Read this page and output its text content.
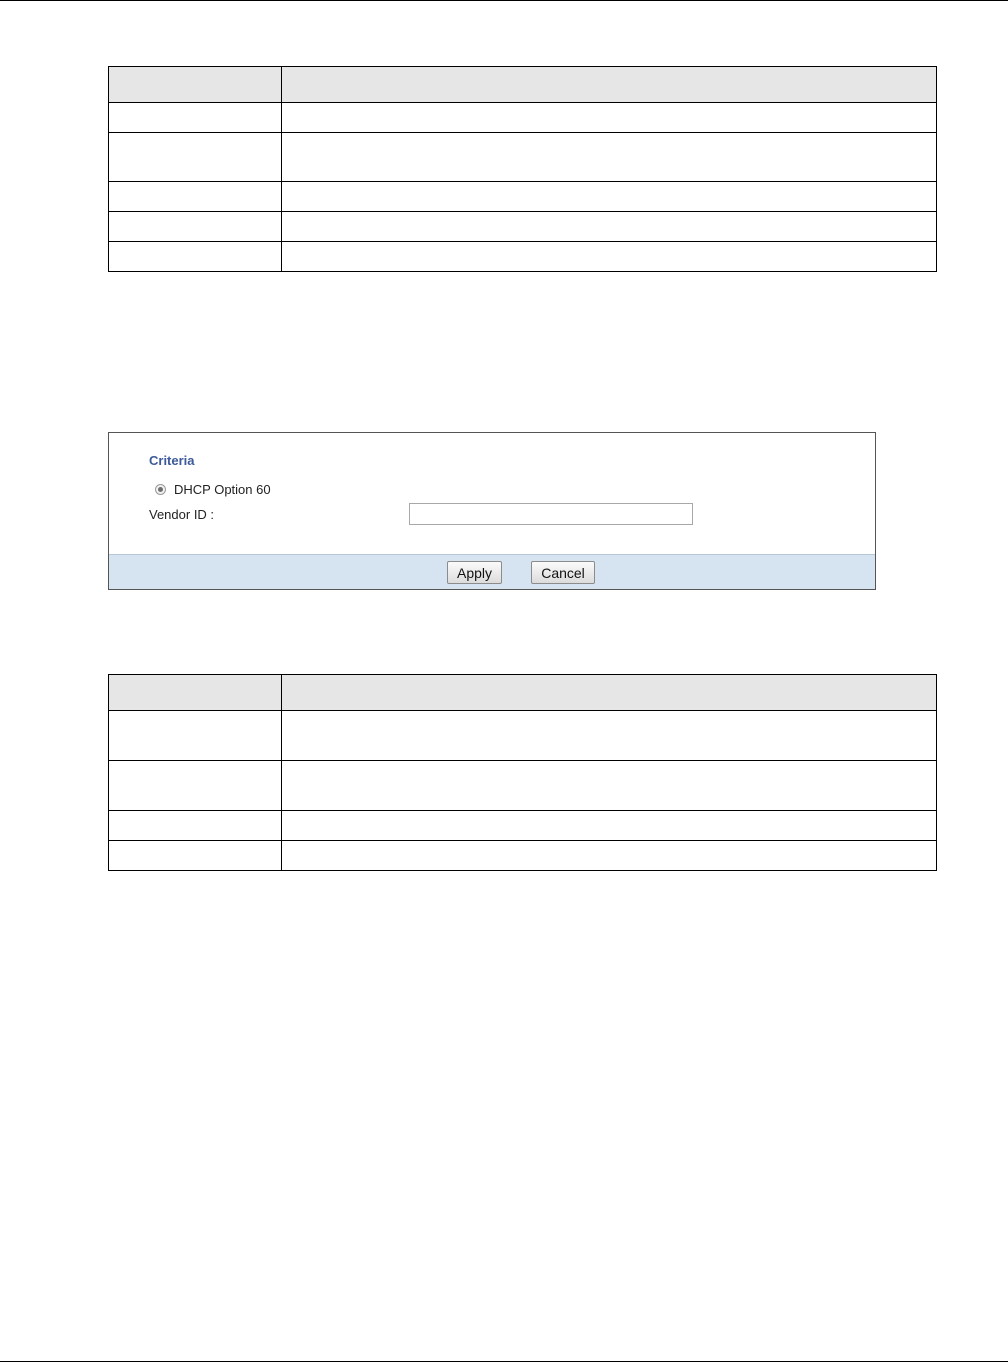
Criteria
DHCP Option 60
Vendor ID :
Apply	Cancel
